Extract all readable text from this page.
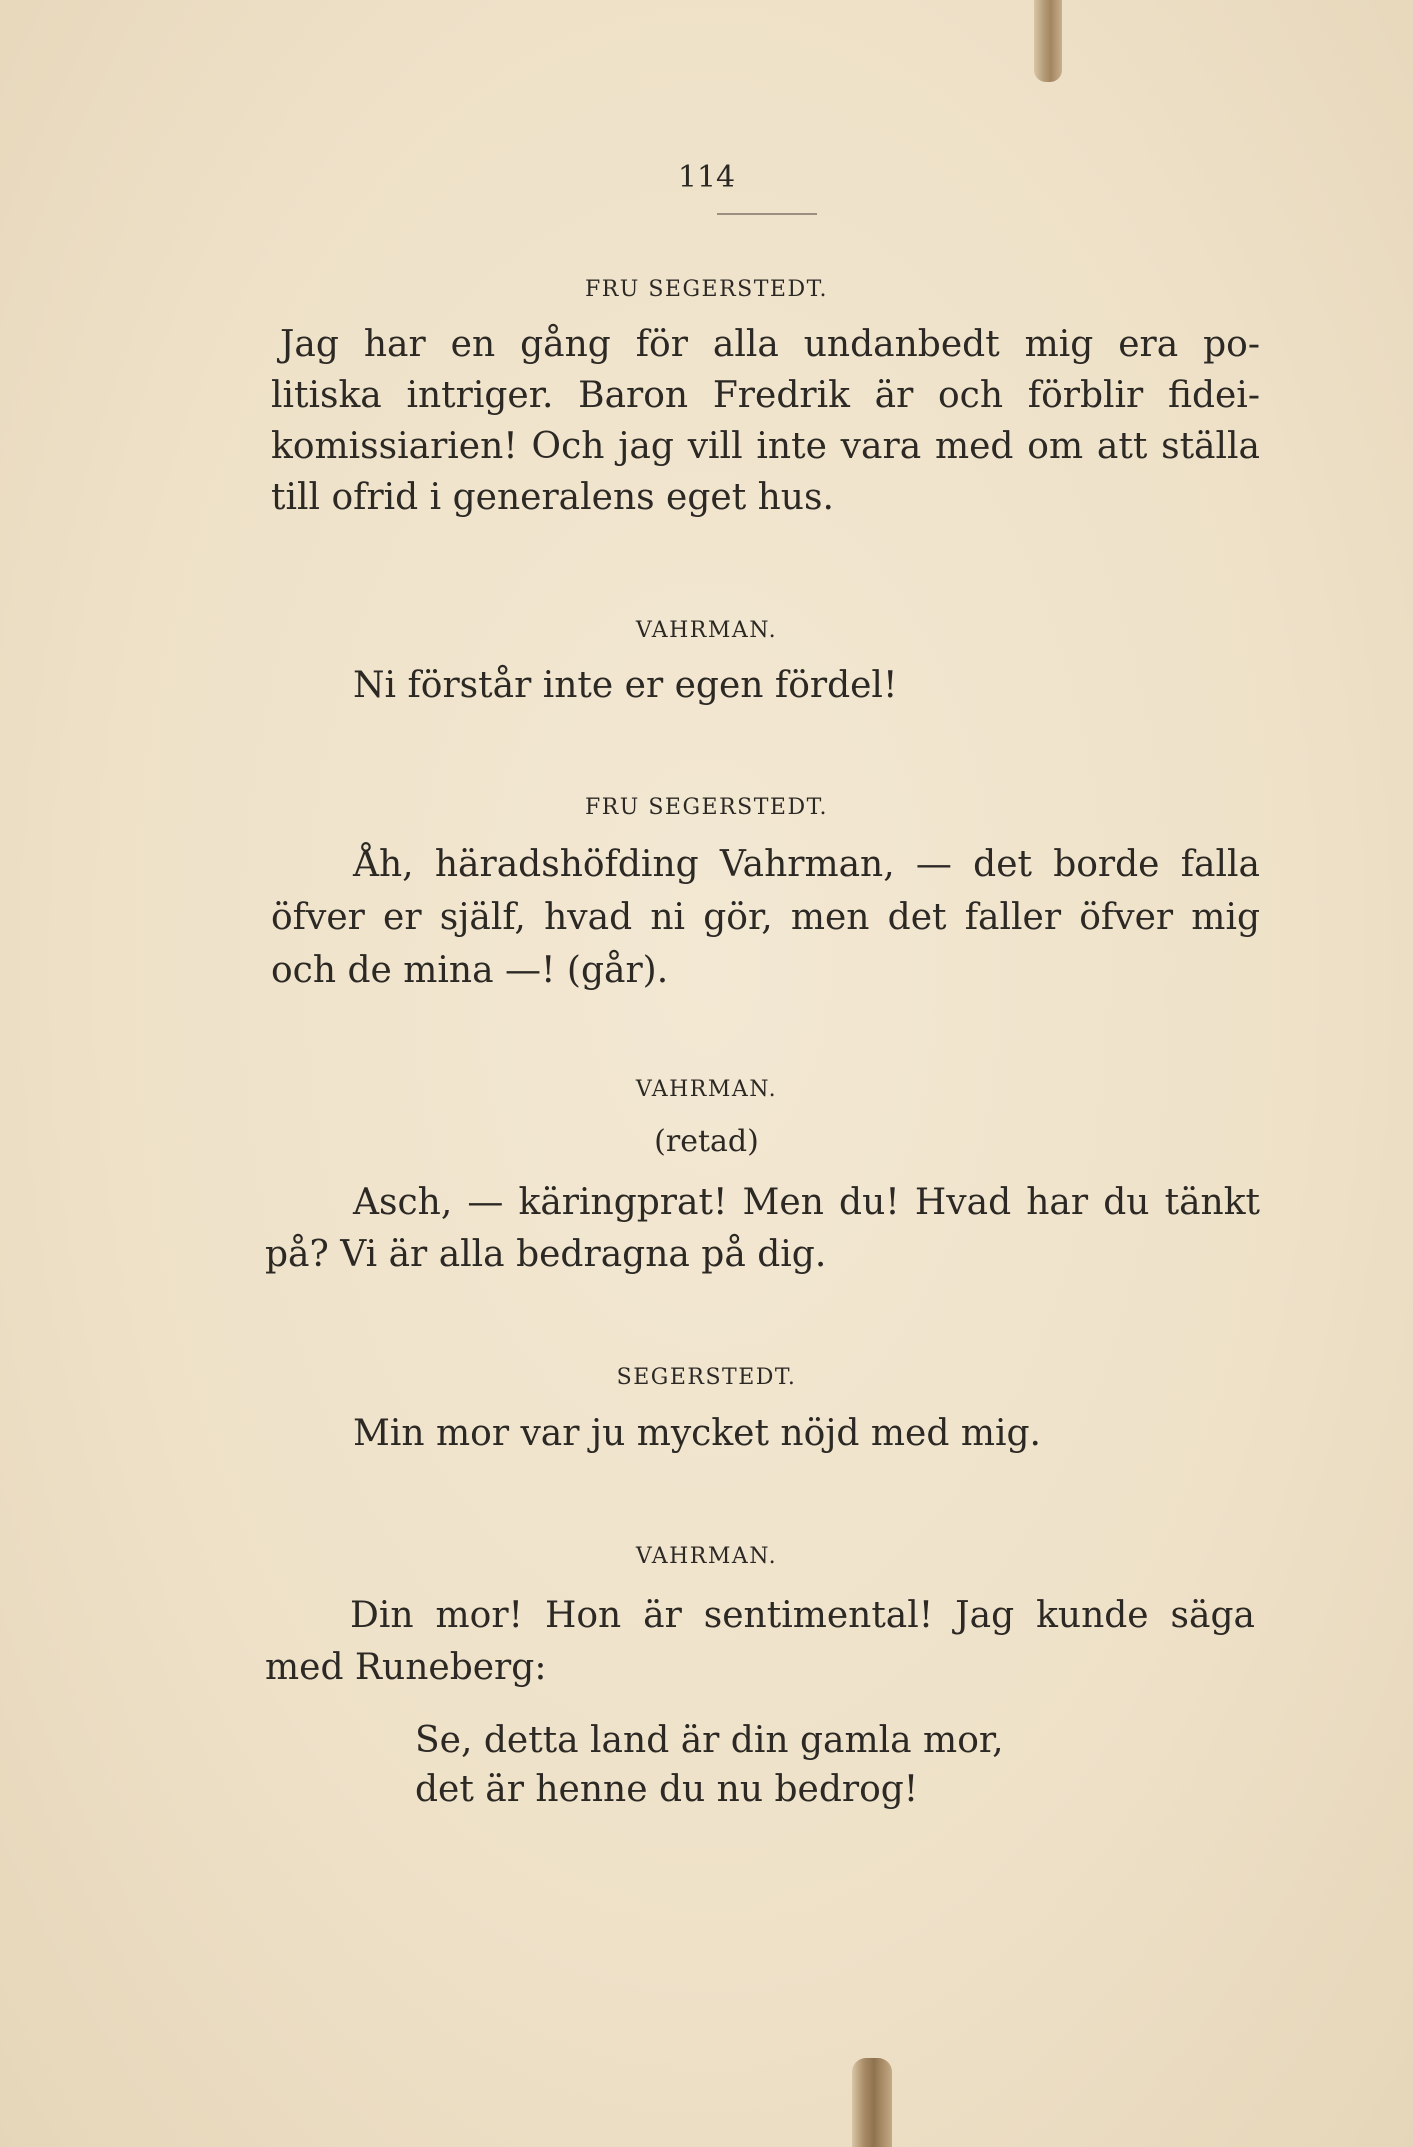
114
FRU SEGERSTEDT.
Jag har en gång för alla undanbedt mig era po-
litiska intriger. Baron Fredrik är och förblir fidei-
komissiarien! Och jag vill inte vara med om att ställa
till ofrid i generalens eget hus.
VAHRMAN.
Ni förstår inte er egen fördel!
FRU SEGERSTEDT.
Åh, häradshöfding Vahrman, — det borde falla
öfver er själf, hvad ni gör, men det faller öfver mig
och de mina —! (går).
VAHRMAN.
(retad)
Asch, — käringprat! Men du! Hvad har du tänkt
på? Vi är alla bedragna på dig.
SEGERSTEDT.
Min mor var ju mycket nöjd med mig.
VAHRMAN.
Din mor! Hon är sentimental! Jag kunde säga
med Runeberg:
Se, detta land är din gamla mor,
det är henne du nu bedrog!
